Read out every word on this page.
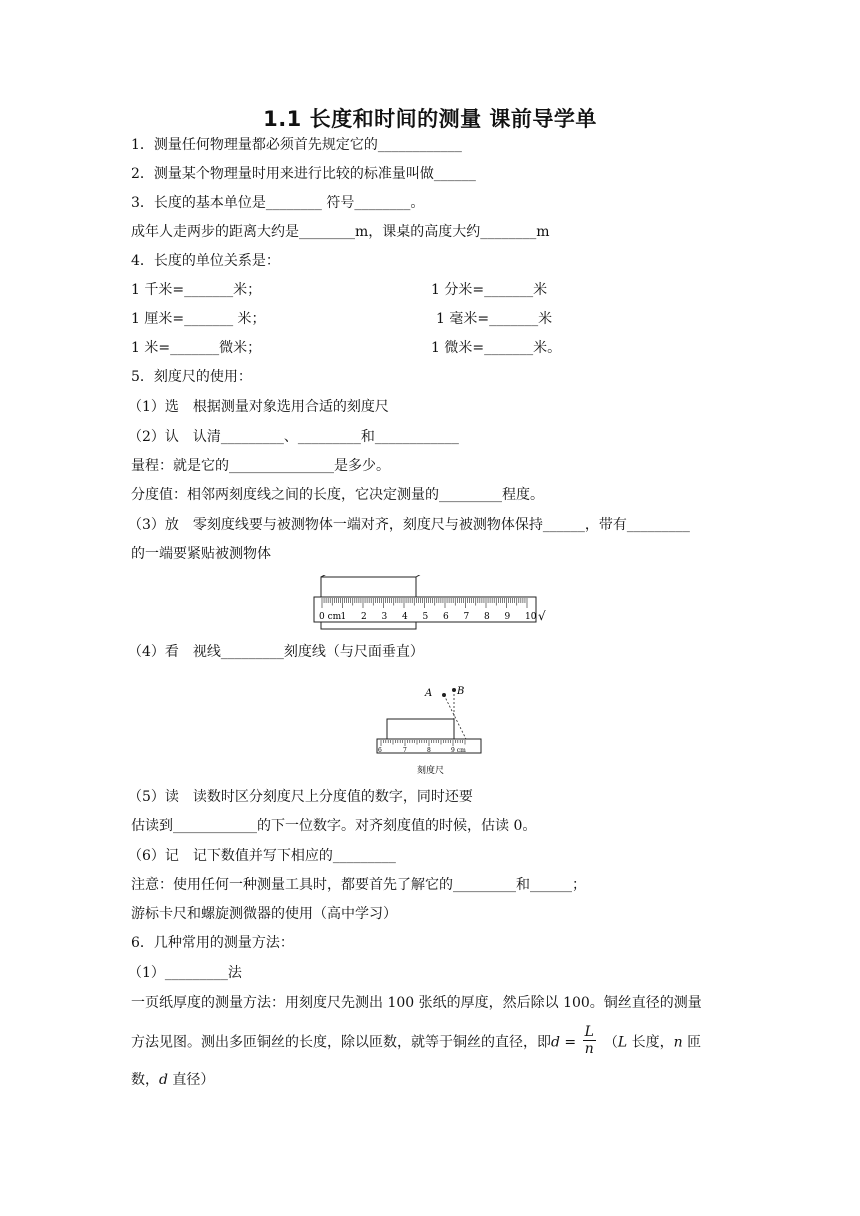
1.1 长度和时间的测量 课前导学单
1．测量任何物理量都必须首先规定它的____________
2．测量某个物理量时用来进行比较的标准量叫做______
3．长度的基本单位是________ 符号________。
成年人走两步的距离大约是________m，课桌的高度大约________m
4．长度的单位关系是：
1 千米=_______米；	1 分米=_______米
1 厘米=_______ 米；	1 毫米=_______米
1 米=_______微米；	1 微米=_______米。
5．刻度尺的使用：
（1）选　根据测量对象选用合适的刻度尺
（2）认　认清_________、_________和____________
量程：就是它的_______________是多少。
分度值：相邻两刻度线之间的长度，它决定测量的_________程度。
（3）放　零刻度线要与被测物体一端对齐，刻度尺与被测物体保持______，带有_________
的一端要紧贴被测物体
0 cm 1 2 3 4 5 6 7 8 9 10 √
（4）看　视线_________刻度线（与尺面垂直）
A B
6	7	8	9 cm
刻度尺
（5）读　读数时区分刻度尺上分度值的数字，同时还要
估读到____________的下一位数字。对齐刻度值的时候，估读 0。
（6）记　记下数值并写下相应的_________
注意：使用任何一种测量工具时，都要首先了解它的_________和______；
游标卡尺和螺旋测微器的使用（高中学习）
6．几种常用的测量方法：
（1）_________法
一页纸厚度的测量方法：用刻度尺先测出 100 张纸的厚度，然后除以 100。铜丝直径的测量
方法见图。测出多匝铜丝的长度，除以匝数，就等于铜丝的直径，即$d = \frac{L}{n} (L$ 长度，n 匝
数，d 直径）
